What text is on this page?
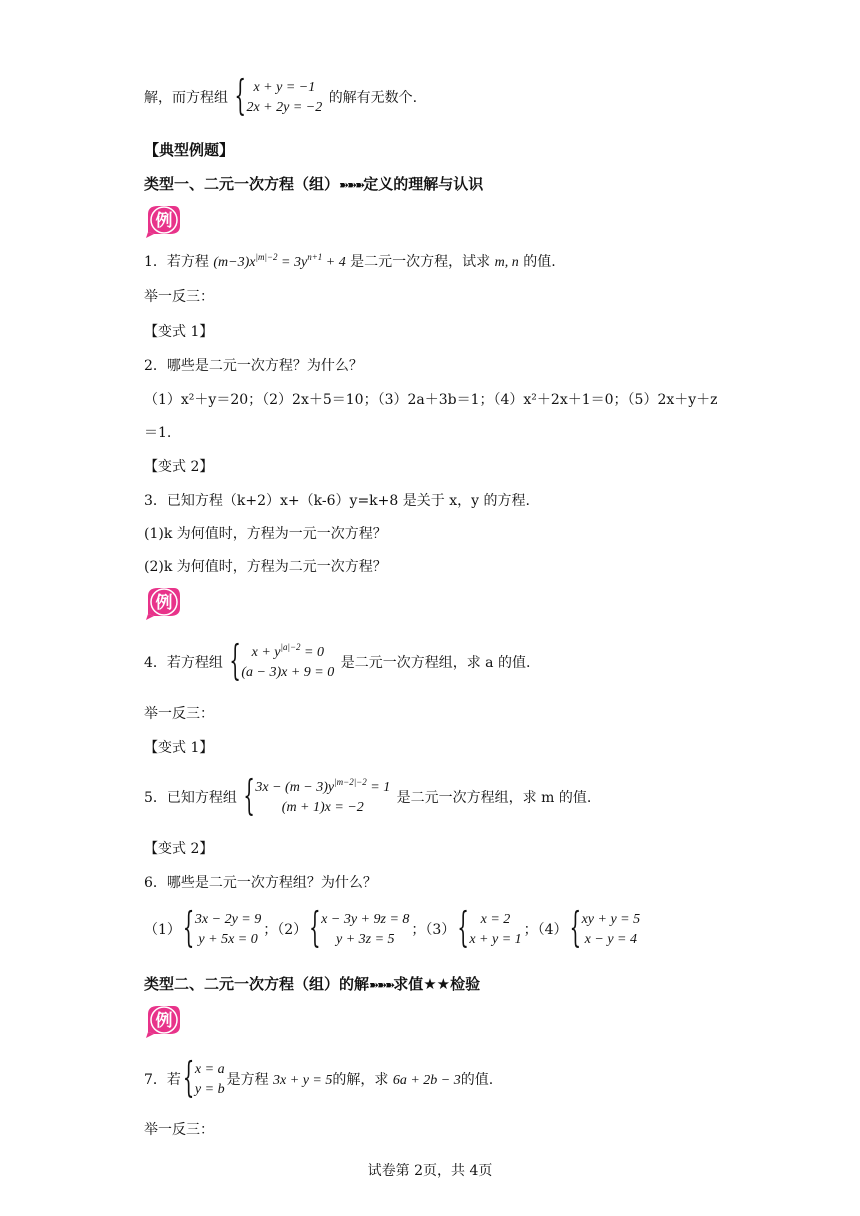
解，而方程组 { x + y = −1
2x + 2y = −2
的解有无数个.
【典型例题】
类型一、二元一次方程（组）➽➽➽定义的理解与认识
例
1．若方程 $(m-3)x^{|m|-2} = 3y^{n+1} + 4$ 是二元一次方程，试求 m, n 的值.
举一反三：
【变式 1】
2．哪些是二元一次方程？为什么？
（1）x²＋y＝20；（2）2x＋5＝10；（3）2a＋3b＝1；（4）x²＋2x＋1＝0；（5）2x＋y＋z
＝1.
【变式 2】
3．已知方程（k+2）x+（k-6）y=k+8 是关于 x，y 的方程.
(1)k 为何值时，方程为一元一次方程？
(2)k 为何值时，方程为二元一次方程？
例
4．若方程组 { $x + y^{|a|-2} = 0$
(a − 3)x + 9 = 0
是二元一次方程组，求 a 的值.
举一反三：
【变式 1】
5．已知方程组 { $3x - (m - 3)y^{|m-2|-2} = 1$
(m + 1)x = −2
是二元一次方程组，求 m 的值.
【变式 2】
6．哪些是二元一次方程组？为什么？
（1） { 3x − 2y = 9
y + 5x = 0
；（2） { x − 3y + 9z = 8
y + 3z = 5
；（3） { x = 2
x + y = 1
；（4） { xy + y = 5
x − y = 4
类型二、二元一次方程（组）的解➽➽➽求值★★检验
例
7．若 { x = a
y = b
是方程 3x + y = 5的解，求 6a + 2b − 3的值.
举一反三：
试卷第 2页，共 4页
